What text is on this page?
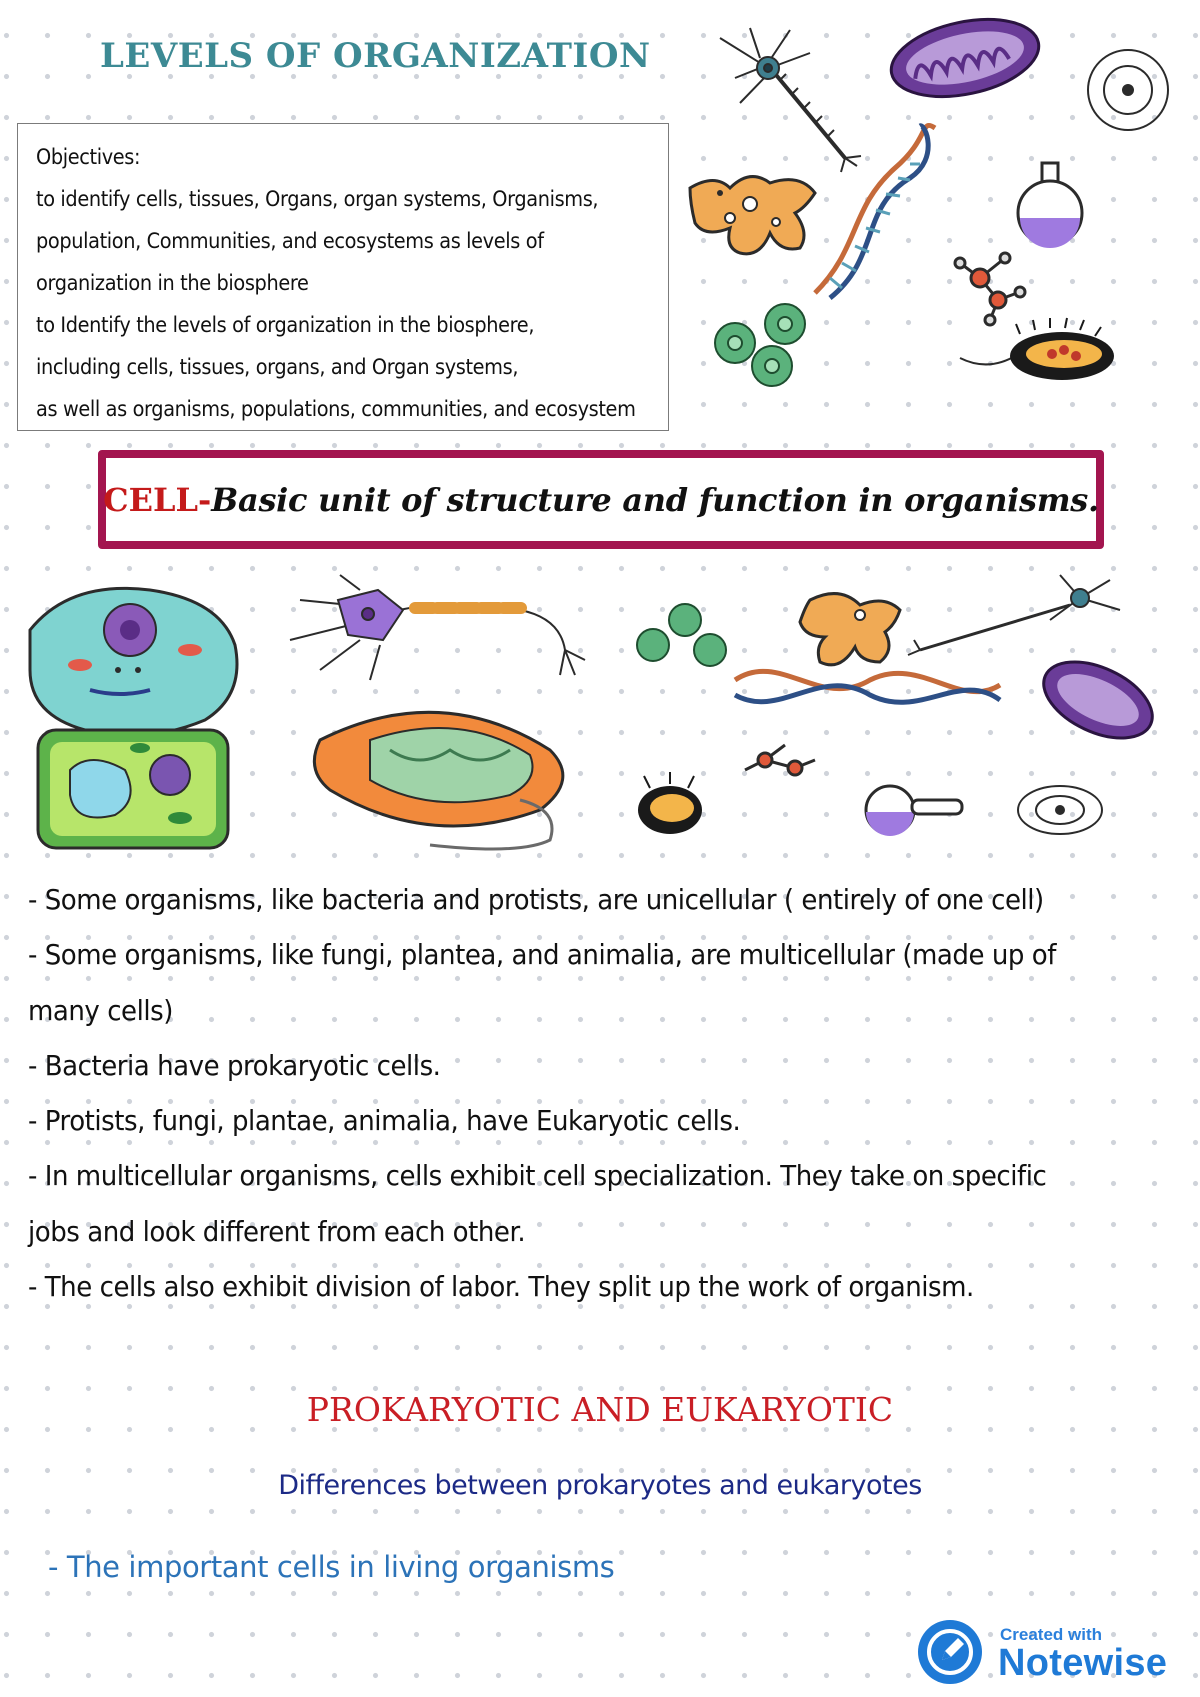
LEVELS OF ORGANIZATION
Objectives:
to identify cells, tissues, Organs, organ systems, Organisms,
population, Communities, and ecosystems as levels of
organization in the biosphere
to Identify the levels of organization in the biosphere,
including cells, tissues, organs, and Organ systems,
as well as organisms, populations, communities, and ecosystem
CELL - Basic unit of structure and function in organisms.
- Some organisms, like bacteria and protists, are unicellular ( entirely of one cell)
- Some organisms, like fungi, plantea, and animalia, are multicellular (made up of
many cells)
- Bacteria have prokaryotic cells.
- Protists, fungi, plantae, animalia, have Eukaryotic cells.
- In multicellular organisms, cells exhibit cell specialization. They take on specific
jobs and look different from each other.
- The cells also exhibit division of labor. They split up the work of organism.
PROKARYOTIC AND EUKARYOTIC
Differences between prokaryotes and eukaryotes
- The important cells in living organisms
Created with
Notewise
